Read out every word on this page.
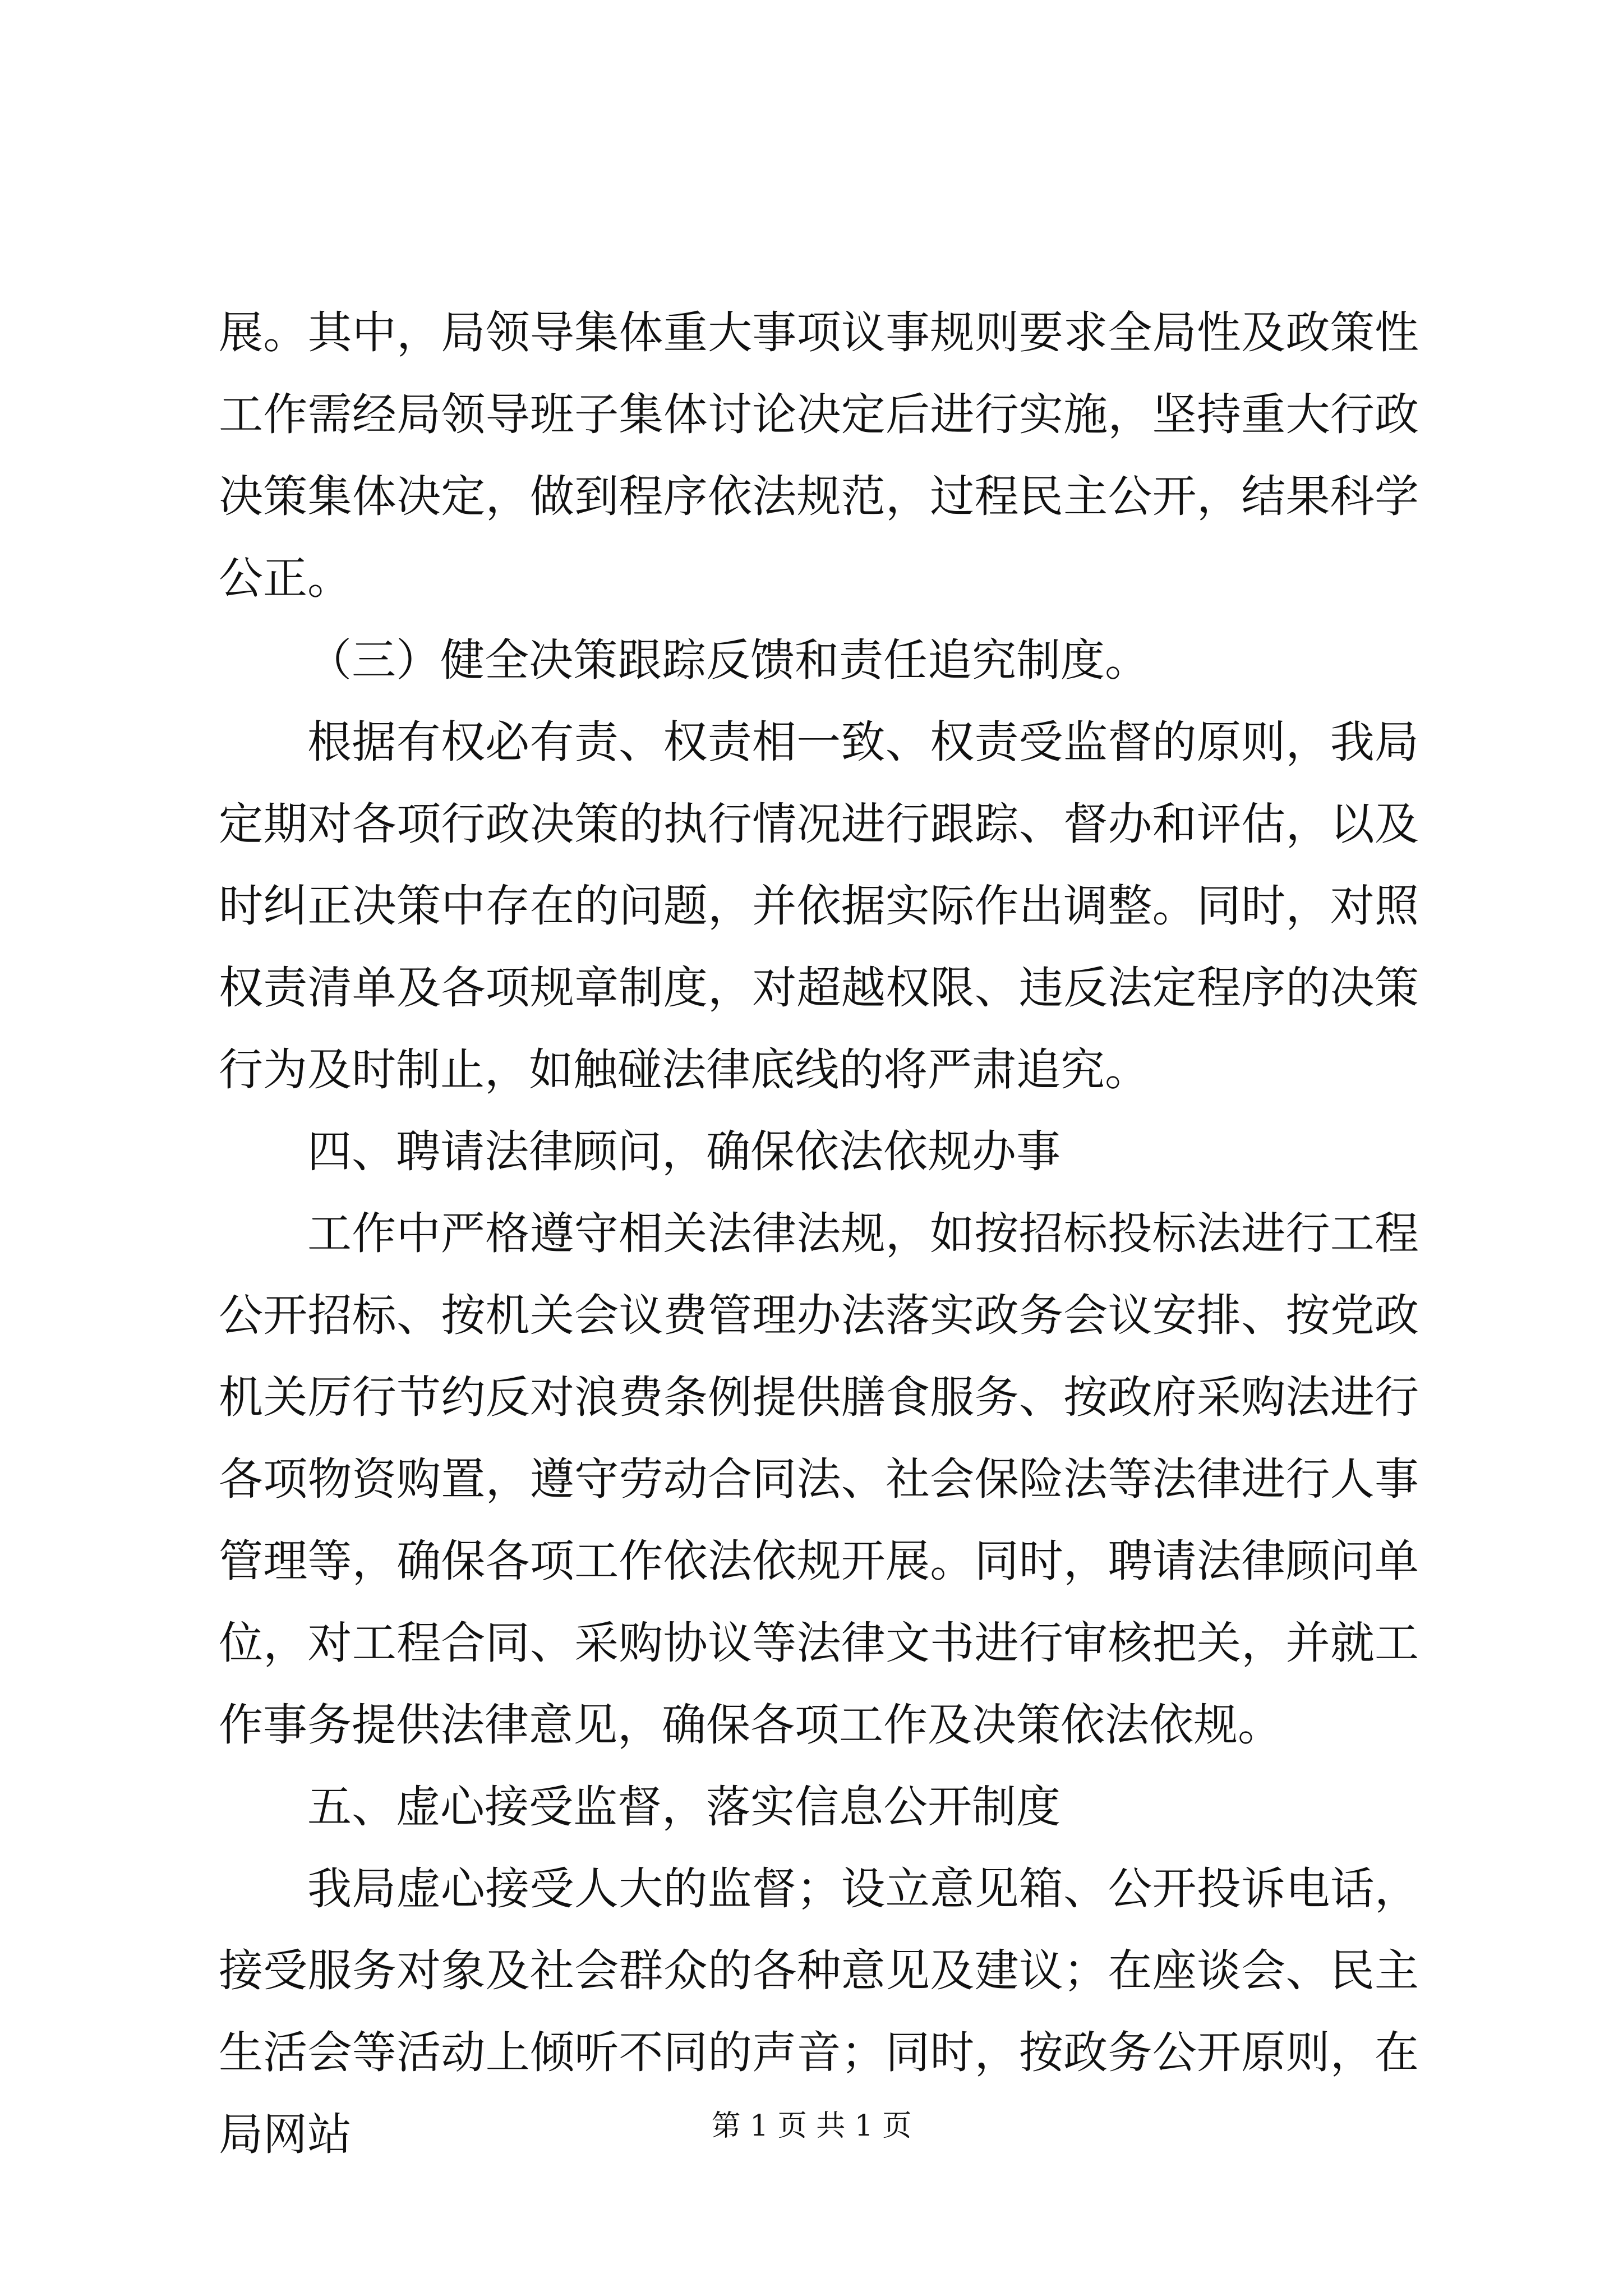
展。其中，局领导集体重大事项议事规则要求全局性及政策性工作需经局领导班子集体讨论决定后进行实施，坚持重大行政决策集体决定，做到程序依法规范，过程民主公开，结果科学公正。

（三）健全决策跟踪反馈和责任追究制度。

根据有权必有责、权责相一致、权责受监督的原则，我局定期对各项行政决策的执行情况进行跟踪、督办和评估，以及时纠正决策中存在的问题，并依据实际作出调整。同时，对照权责清单及各项规章制度，对超越权限、违反法定程序的决策行为及时制止，如触碰法律底线的将严肃追究。

四、聘请法律顾问，确保依法依规办事

工作中严格遵守相关法律法规，如按招标投标法进行工程公开招标、按机关会议费管理办法落实政务会议安排、按党政机关厉行节约反对浪费条例提供膳食服务、按政府采购法进行各项物资购置，遵守劳动合同法、社会保险法等法律进行人事管理等，确保各项工作依法依规开展。同时，聘请法律顾问单位，对工程合同、采购协议等法律文书进行审核把关，并就工作事务提供法律意见，确保各项工作及决策依法依规。

五、虚心接受监督，落实信息公开制度

我局虚心接受人大的监督；设立意见箱、公开投诉电话，接受服务对象及社会群众的各种意见及建议；在座谈会、民主生活会等活动上倾听不同的声音；同时，按政务公开原则，在局网站	第 1 页 共 1 页
